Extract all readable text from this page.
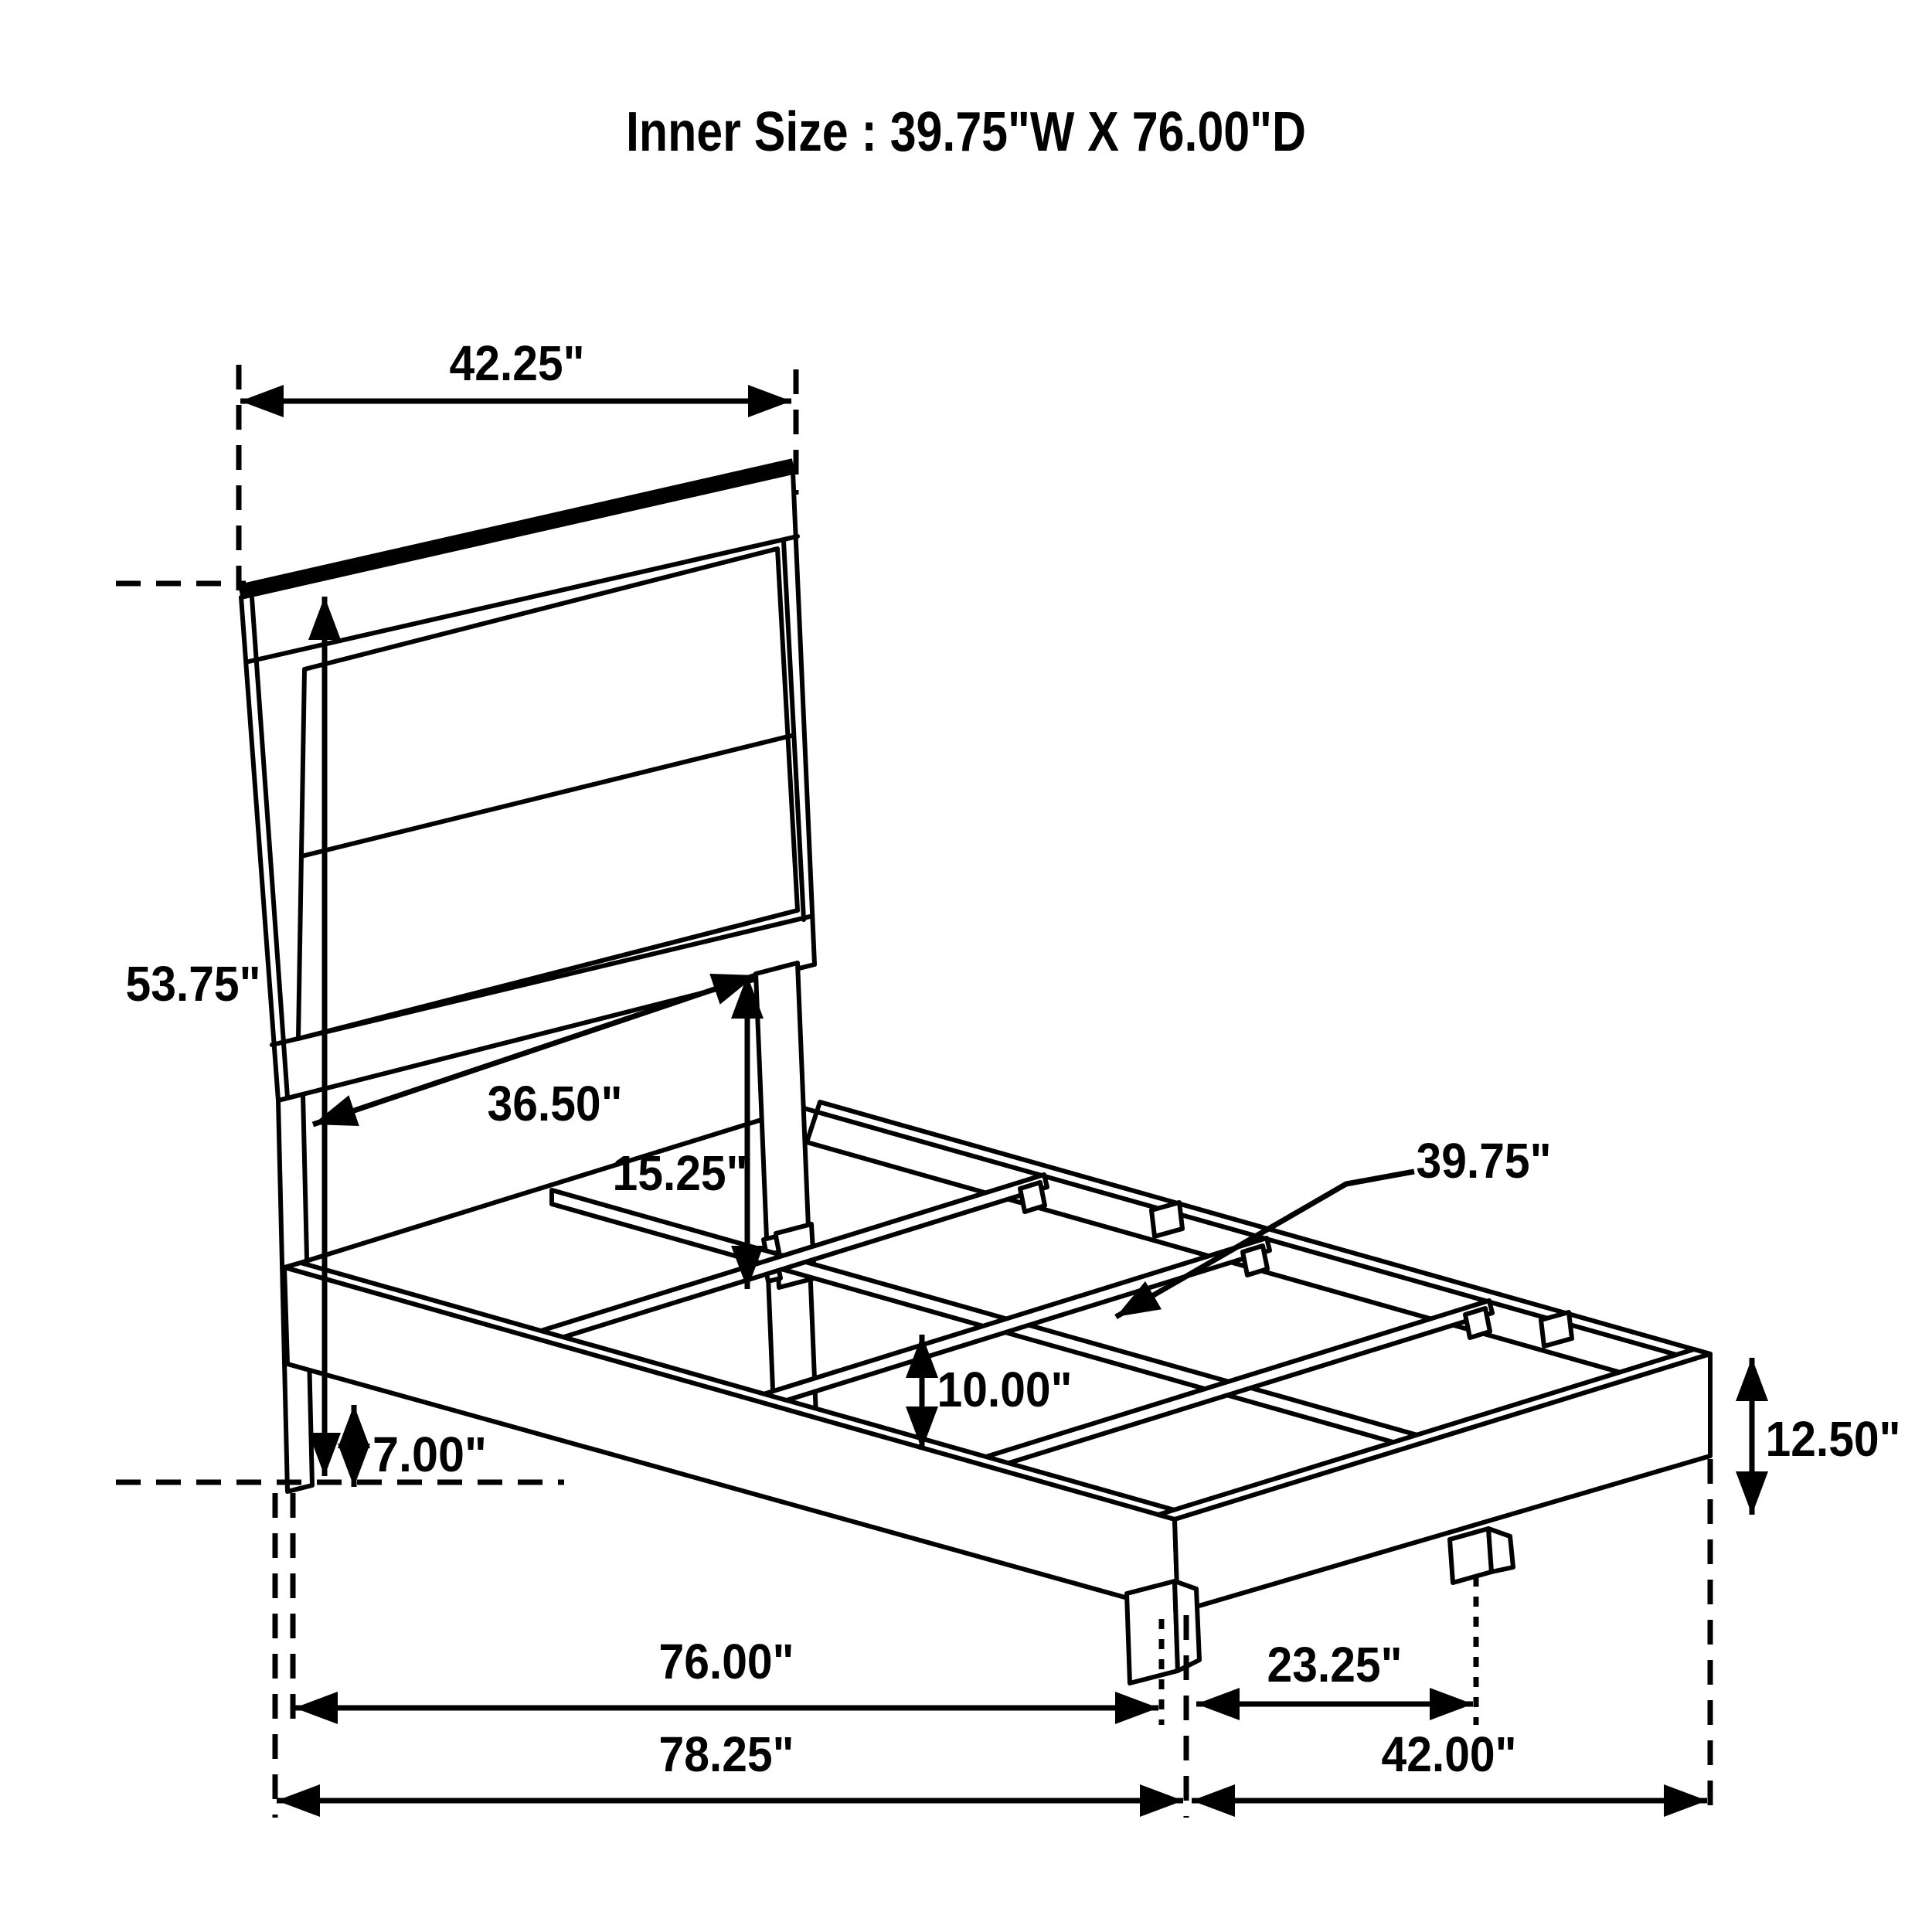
Inner Size : 39.75"W X 76.00"D
42.25"
53.75"
36.50"
15.25"	39.75"
10.00"
7.00"	12.50"
76.00"	23.25"
78.25"	42.00"
